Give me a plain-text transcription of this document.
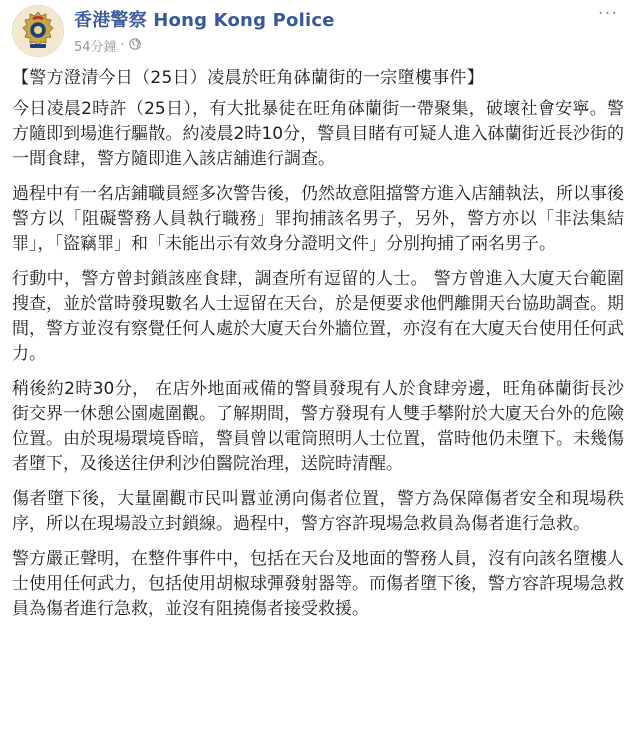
香港警察 Hong Kong Police
54分鐘 ·
···

【警方澄清今日（25日）凌晨於旺角砵蘭街的一宗墮樓事件】

今日凌晨2時許（25日），有大批暴徒在旺角砵蘭街一帶聚集，破壞社會安寧。警方隨即到場進行驅散。約凌晨2時10分，警員目睹有可疑人進入砵蘭街近長沙街的一間食肆，警方隨即進入該店舖進行調查。

過程中有一名店鋪職員經多次警告後，仍然故意阻擋警方進入店舖執法，所以事後警方以「阻礙警務人員執行職務」罪拘捕該名男子，另外，警方亦以「非法集結罪」，「盜竊罪」和「未能出示有效身分證明文件」分別拘捕了兩名男子。

行動中，警方曾封鎖該座食肆，調查所有逗留的人士。 警方曾進入大廈天台範圍搜查，並於當時發現數名人士逗留在天台，於是便要求他們離開天台協助調查。期間，警方並沒有察覺任何人處於大廈天台外牆位置，亦沒有在大廈天台使用任何武力。

稍後約2時30分， 在店外地面戒備的警員發現有人於食肆旁邊，旺角砵蘭街長沙街交界一休憩公園處圍觀。了解期間，警方發現有人雙手攀附於大廈天台外的危險位置。由於現場環境昏暗，警員曾以電筒照明人士位置，當時他仍未墮下。未幾傷者墮下，及後送往伊利沙伯醫院治理，送院時清醒。

傷者墮下後，大量圍觀市民叫囂並湧向傷者位置，警方為保障傷者安全和現場秩序，所以在現場設立封鎖線。過程中，警方容許現場急救員為傷者進行急救。

警方嚴正聲明，在整件事件中，包括在天台及地面的警務人員，沒有向該名墮樓人士使用任何武力，包括使用胡椒球彈發射器等。而傷者墮下後，警方容許現場急救員為傷者進行急救，並沒有阻撓傷者接受救援。
